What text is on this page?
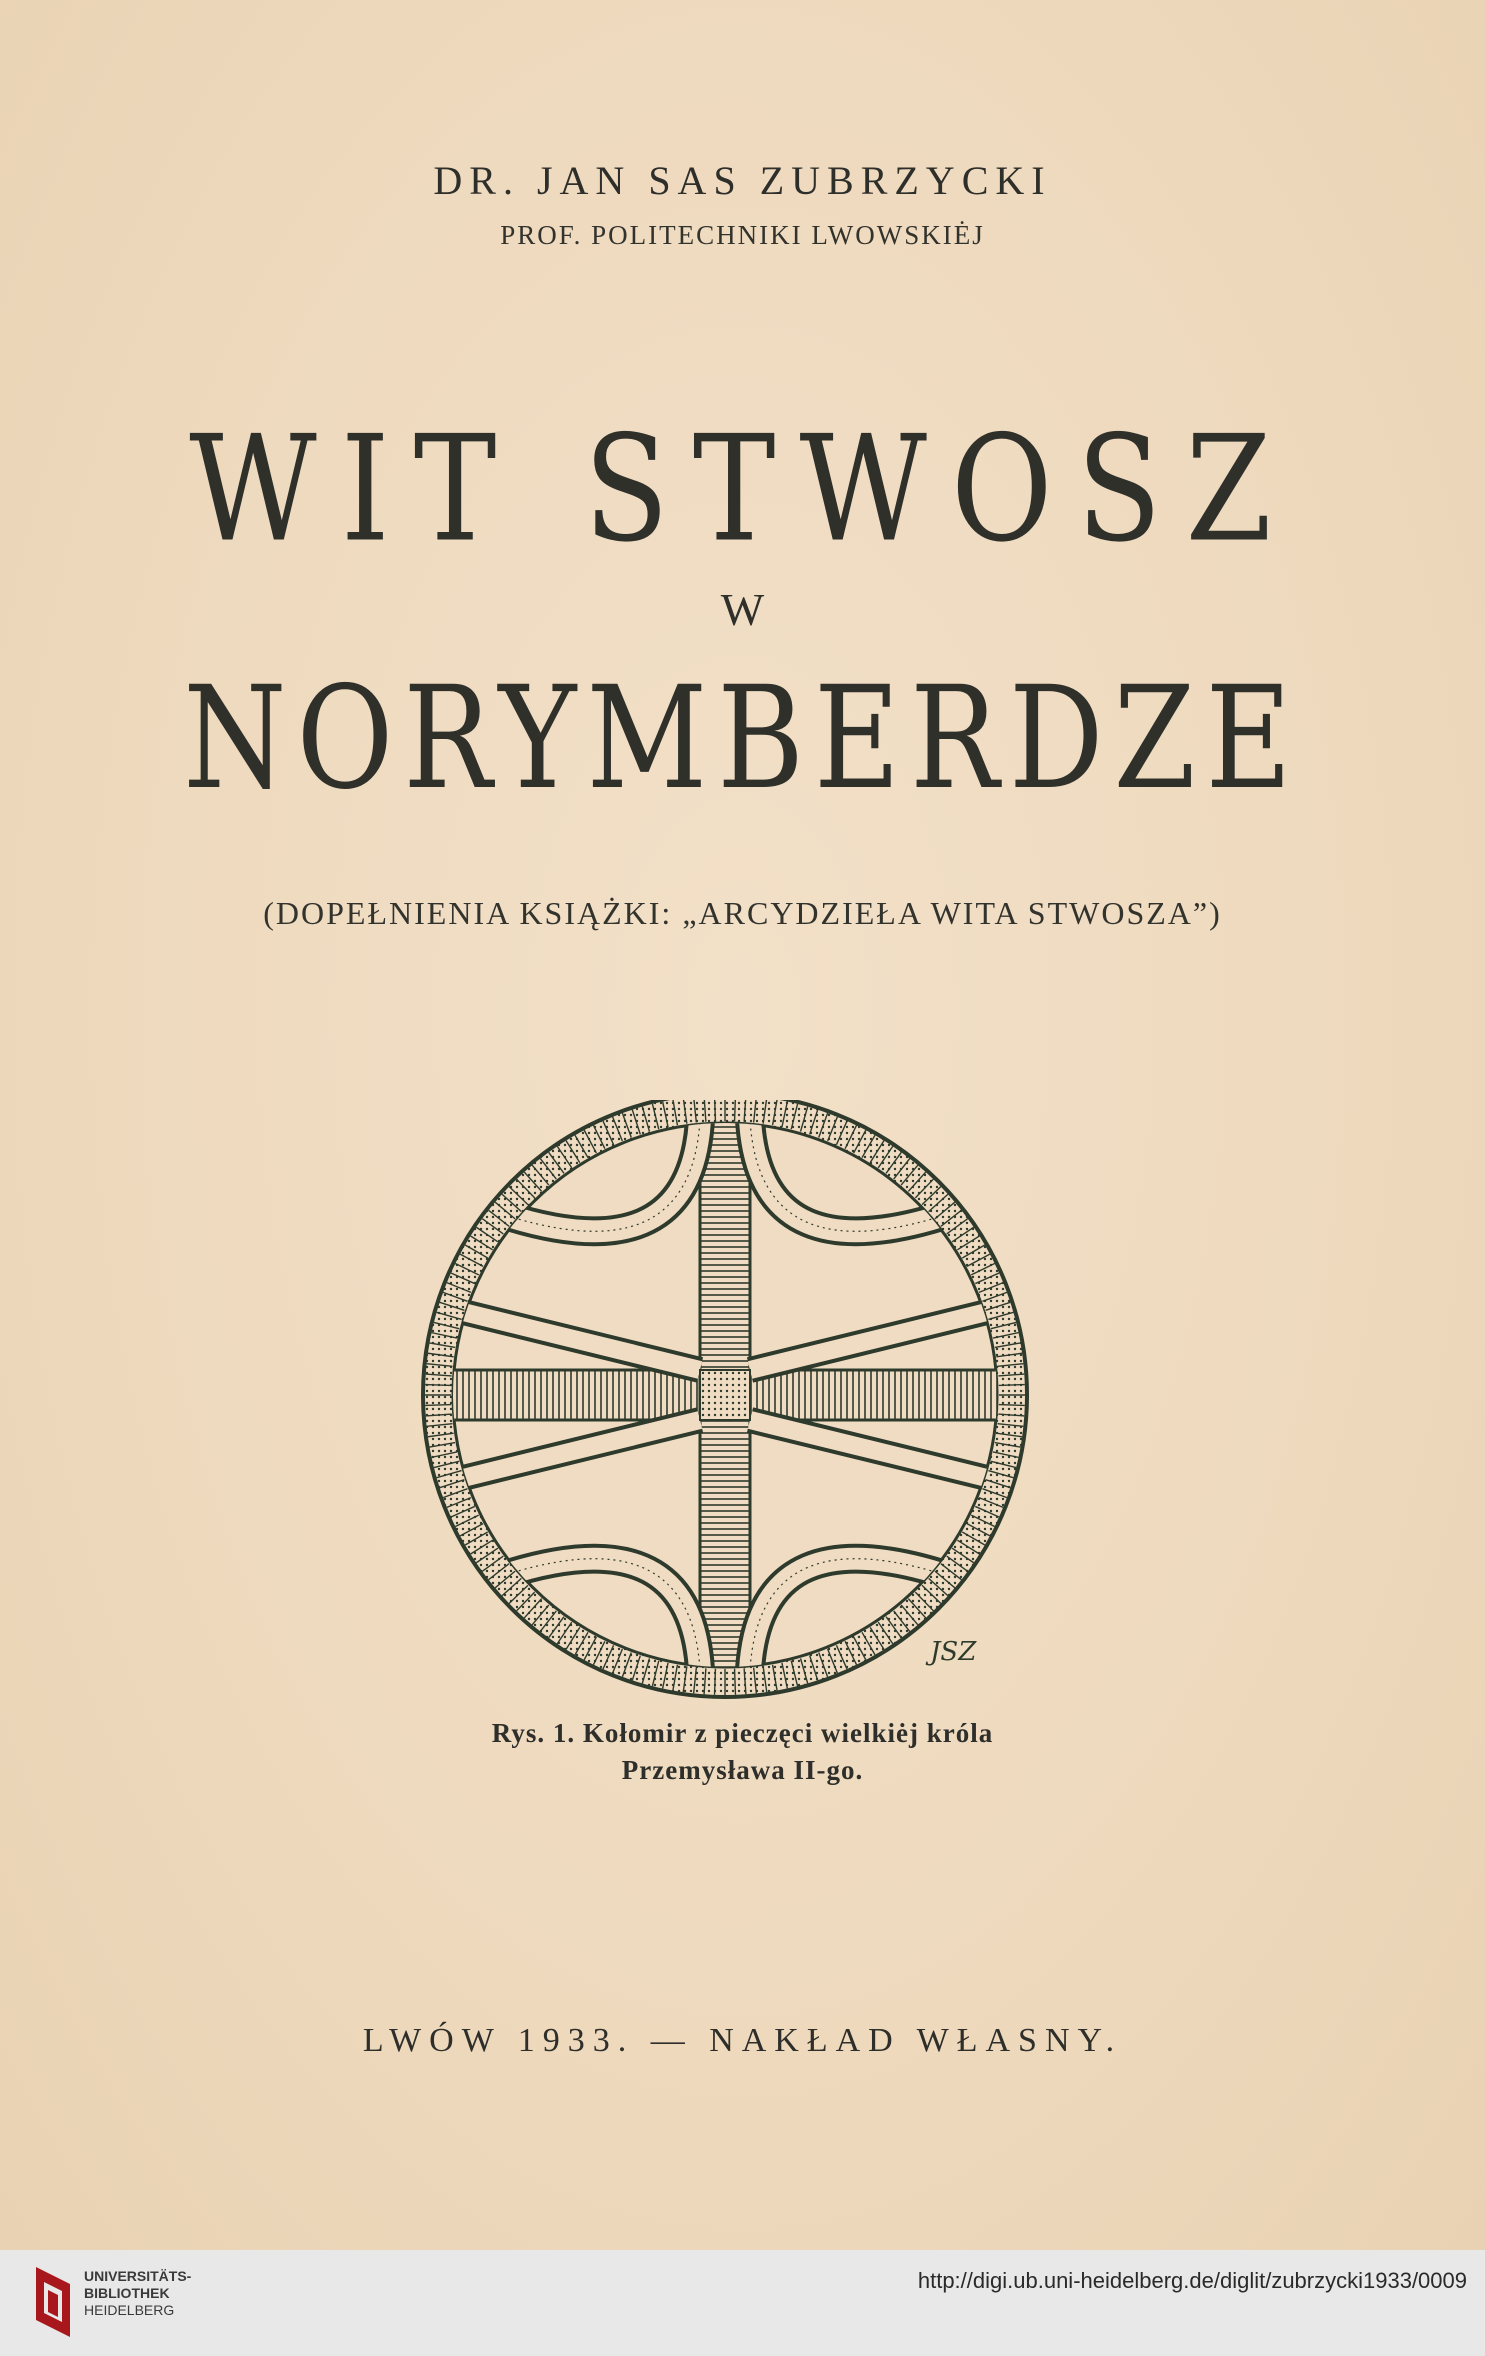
DR. JAN SAS ZUBRZYCKI
PROF. POLITECHNIKI LWOWSKIĖJ
WIT STWOSZ
W
NORYMBERDZE
(DOPEŁNIENIA KSIĄŻKI: „ARCYDZIEŁA WITA STWOSZA”)
JSZ
Rys. 1. Kołomir z pieczęci wielkiėj króla
Przemysława II-go.
LWÓW 1933. — NAKŁAD WŁASNY.
UNIVERSITÄTS-
BIBLIOTHEK
HEIDELBERG
http://digi.ub.uni-heidelberg.de/diglit/zubrzycki1933/0009
